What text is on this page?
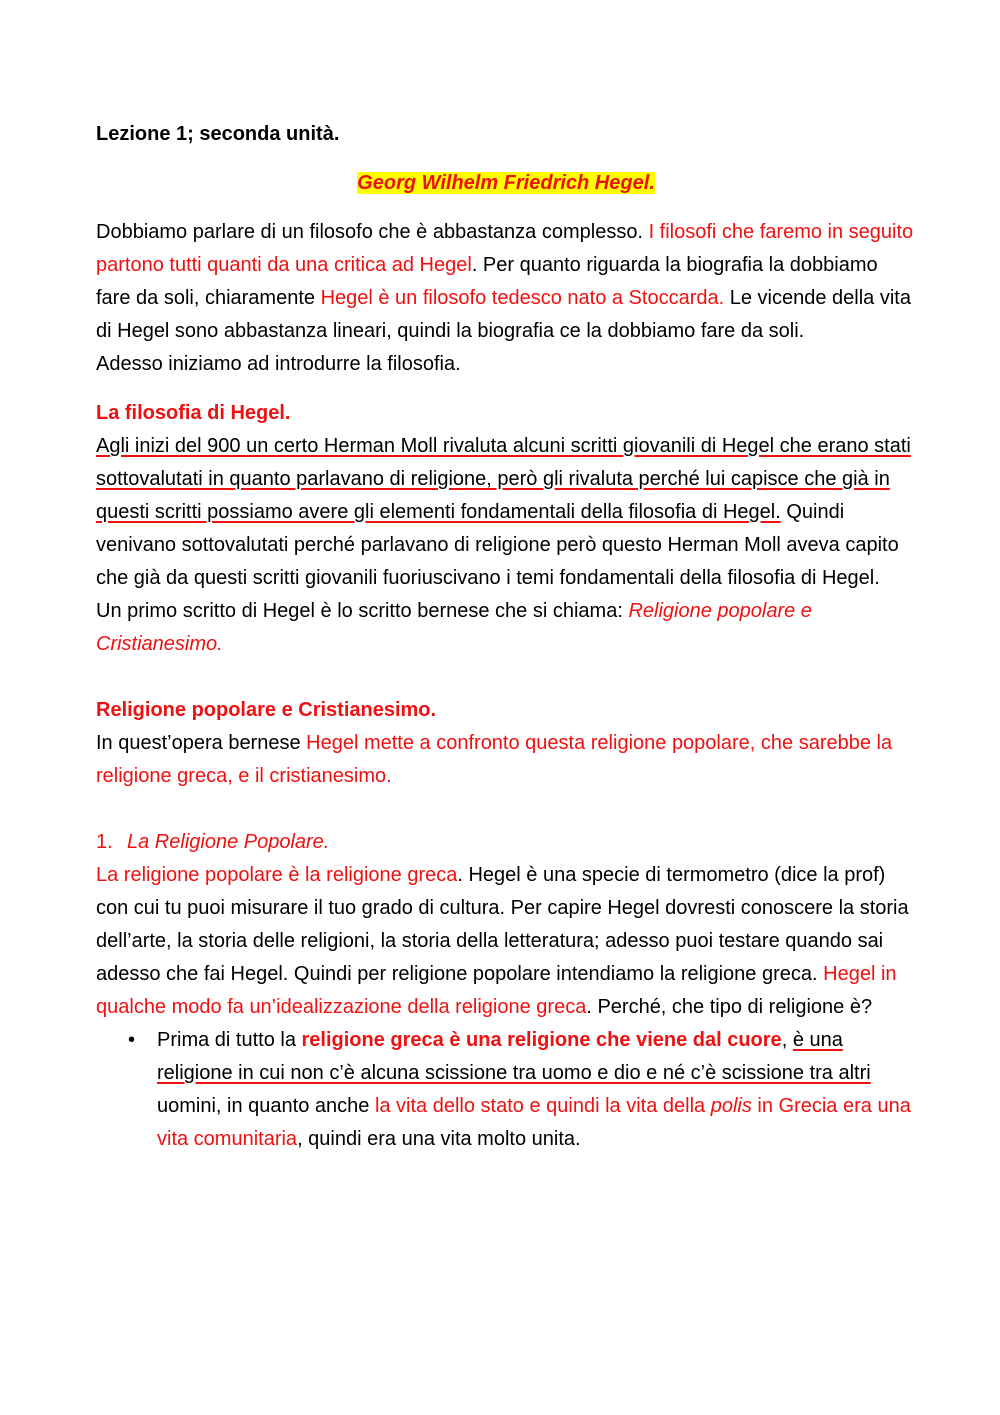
Lezione 1; seconda unità.

Georg Wilhelm Friedrich Hegel.

Dobbiamo parlare di un filosofo che è abbastanza complesso. I filosofi che faremo in seguito partono tutti quanti da una critica ad Hegel. Per quanto riguarda la biografia la dobbiamo fare da soli, chiaramente Hegel è un filosofo tedesco nato a Stoccarda. Le vicende della vita di Hegel sono abbastanza lineari, quindi la biografia ce la dobbiamo fare da soli.

Adesso iniziamo ad introdurre la filosofia.

La filosofia di Hegel.

Agli inizi del 900 un certo Herman Moll rivaluta alcuni scritti giovanili di Hegel che erano stati sottovalutati in quanto parlavano di religione, però gli rivaluta perché lui capisce che già in questi scritti possiamo avere gli elementi fondamentali della filosofia di Hegel. Quindi venivano sottovalutati perché parlavano di religione però questo Herman Moll aveva capito che già da questi scritti giovanili fuoriuscivano i temi fondamentali della filosofia di Hegel.

Un primo scritto di Hegel è lo scritto bernese che si chiama: Religione popolare e Cristianesimo.

Religione popolare e Cristianesimo.

In quest’opera bernese Hegel mette a confronto questa religione popolare, che sarebbe la religione greca, e il cristianesimo.

1. La Religione Popolare.

La religione popolare è la religione greca. Hegel è una specie di termometro (dice la prof) con cui tu puoi misurare il tuo grado di cultura. Per capire Hegel dovresti conoscere la storia dell’arte, la storia delle religioni, la storia della letteratura; adesso puoi testare quando sai adesso che fai Hegel. Quindi per religione popolare intendiamo la religione greca. Hegel in qualche modo fa un’idealizzazione della religione greca. Perché, che tipo di religione è?

•	Prima di tutto la religione greca è una religione che viene dal cuore, è una religione in cui non c’è alcuna scissione tra uomo e dio e né c’è scissione tra altri uomini, in quanto anche la vita dello stato e quindi la vita della polis in Grecia era una vita comunitaria, quindi era una vita molto unita.
